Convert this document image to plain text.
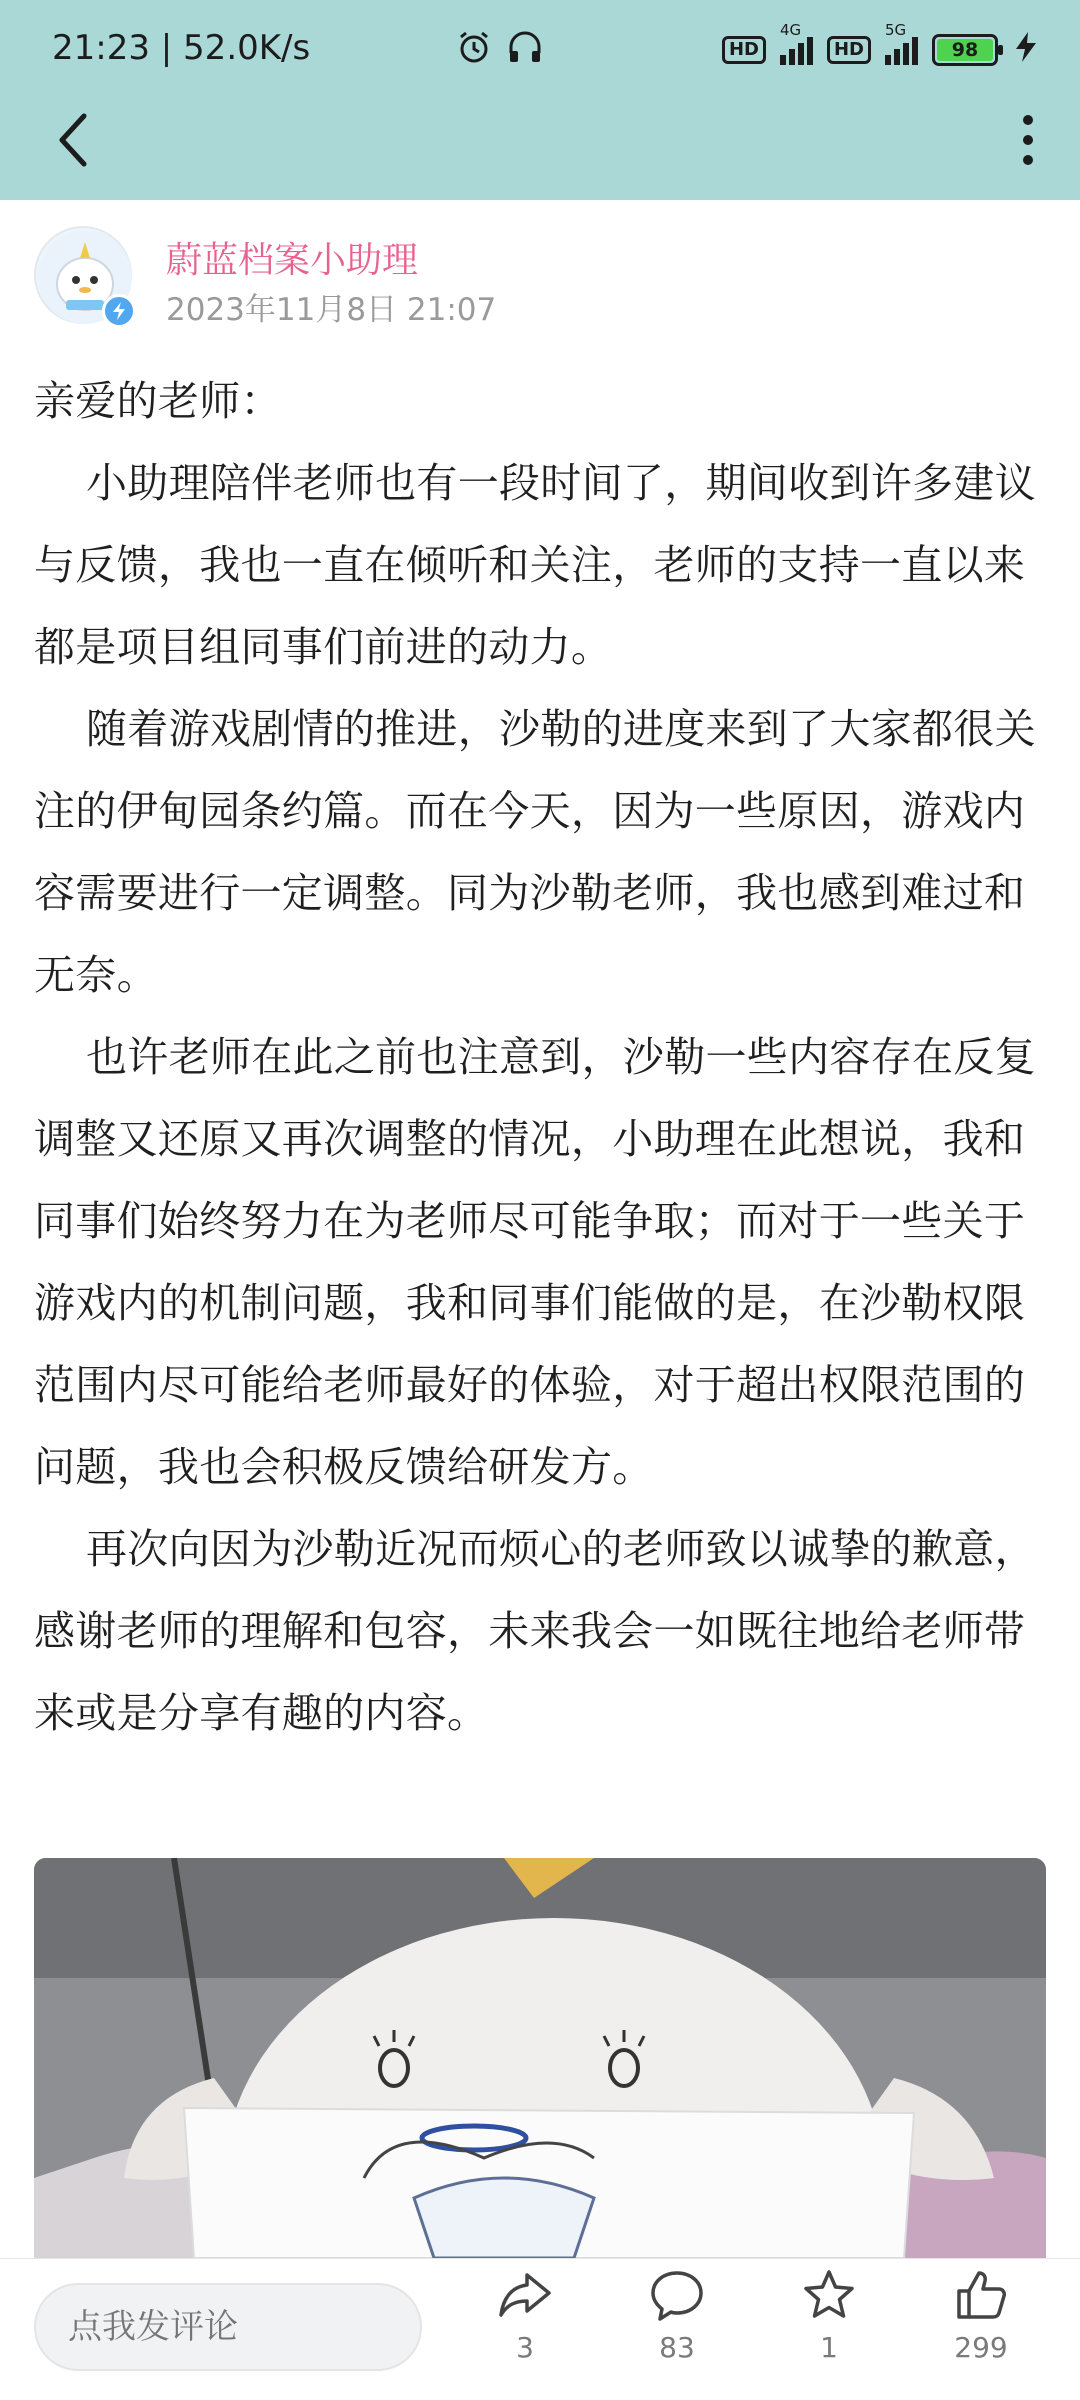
21:23 | 52.0K/s	HD
4G
HD
5G
98
蔚蓝档案小助理
2023年11月8日 21:07

亲爱的老师：

小助理陪伴老师也有一段时间了，期间收到许多建议与反馈，我也一直在倾听和关注，老师的支持一直以来都是项目组同事们前进的动力。

随着游戏剧情的推进，沙勒的进度来到了大家都很关注的伊甸园条约篇。而在今天，因为一些原因，游戏内容需要进行一定调整。同为沙勒老师，我也感到难过和无奈。

也许老师在此之前也注意到，沙勒一些内容存在反复调整又还原又再次调整的情况，小助理在此想说，我和同事们始终努力在为老师尽可能争取；而对于一些关于游戏内的机制问题，我和同事们能做的是，在沙勒权限范围内尽可能给老师最好的体验，对于超出权限范围的问题，我也会积极反馈给研发方。

再次向因为沙勒近况而烦心的老师致以诚挚的歉意，感谢老师的理解和包容，未来我会一如既往地给老师带来或是分享有趣的内容。

点我发评论
3	83	1	299
